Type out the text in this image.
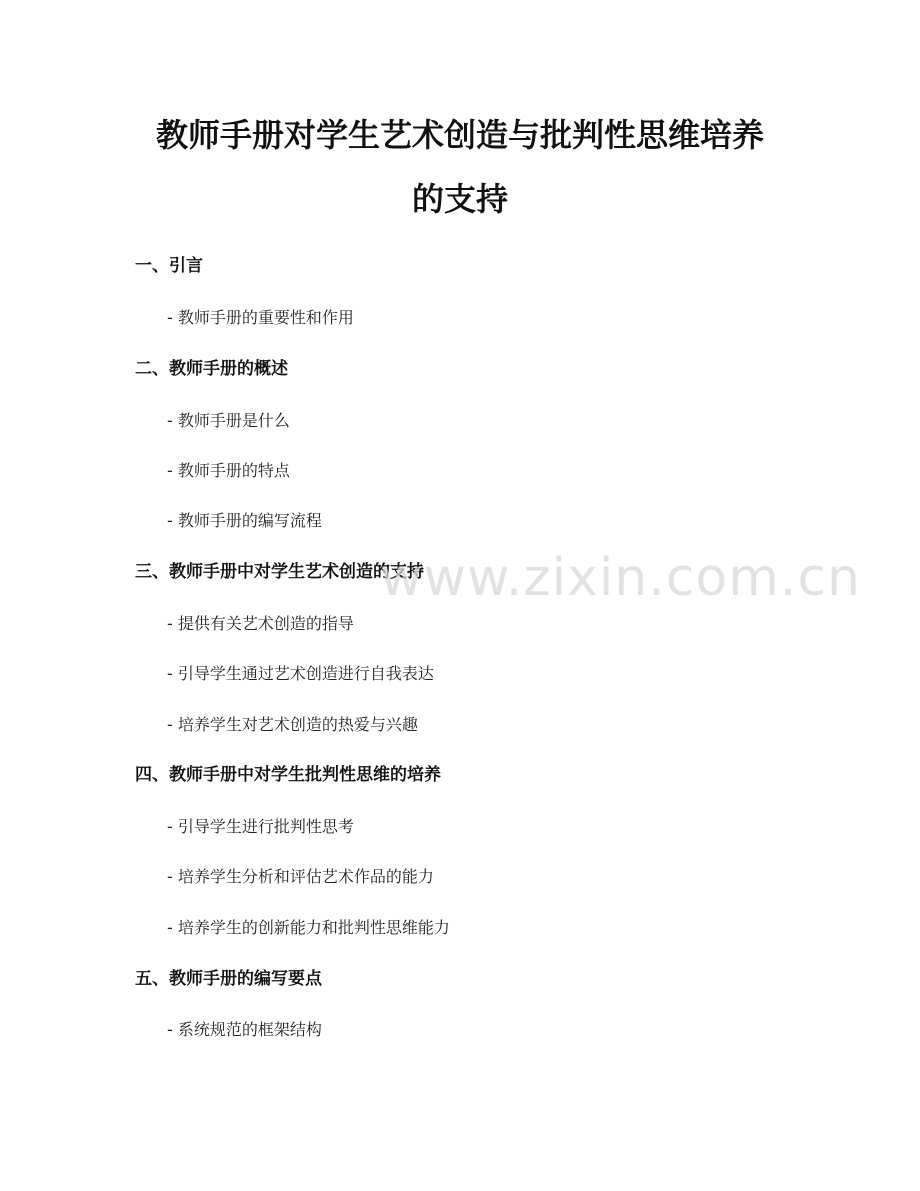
教师手册对学生艺术创造与批判性思维培养
的支持
一、引言

- 教师手册的重要性和作用

二、教师手册的概述

- 教师手册是什么

- 教师手册的特点

- 教师手册的编写流程

三、教师手册中对学生艺术创造的支持

- 提供有关艺术创造的指导

- 引导学生通过艺术创造进行自我表达

- 培养学生对艺术创造的热爱与兴趣

四、教师手册中对学生批判性思维的培养

- 引导学生进行批判性思考

- 培养学生分析和评估艺术作品的能力

- 培养学生的创新能力和批判性思维能力

五、教师手册的编写要点

- 系统规范的框架结构

www.zixin.com.cn
